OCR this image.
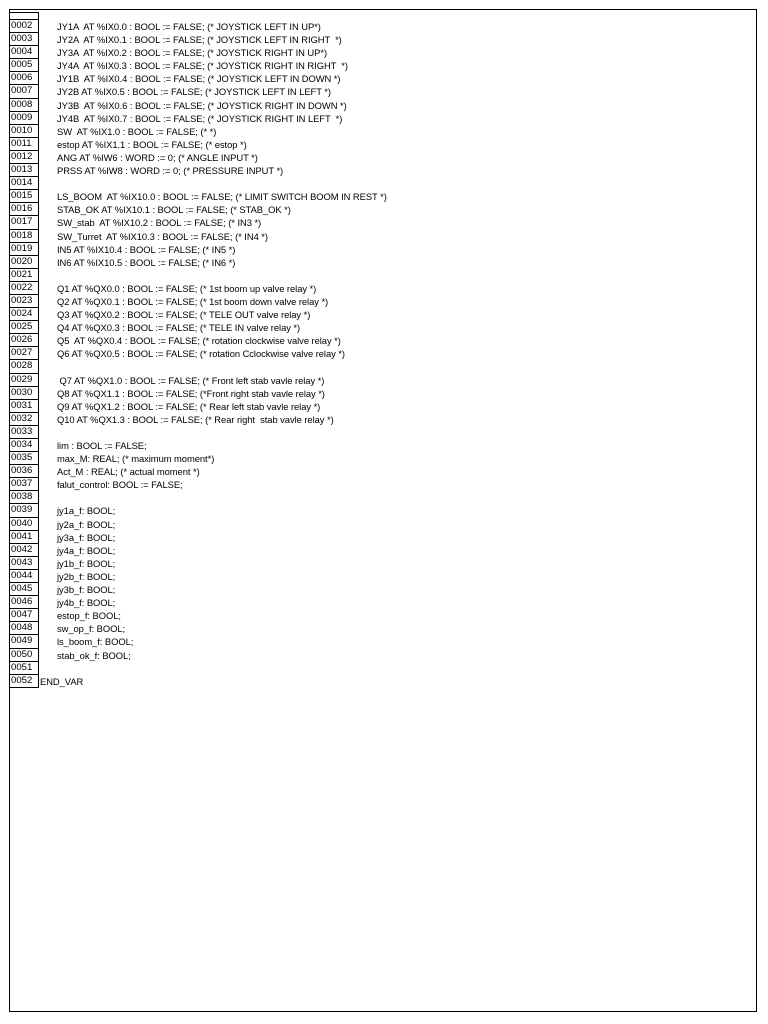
0002	JY1A  AT %IX0.0 : BOOL := FALSE; (* JOYSTICK LEFT IN UP*)
0003	JY2A  AT %IX0.1 : BOOL := FALSE; (* JOYSTICK LEFT IN RIGHT  *)
0004	JY3A  AT %IX0.2 : BOOL := FALSE; (* JOYSTICK RIGHT IN UP*)
0005	JY4A  AT %IX0.3 : BOOL := FALSE; (* JOYSTICK RIGHT IN RIGHT  *)
0006	JY1B  AT %IX0.4 : BOOL := FALSE; (* JOYSTICK LEFT IN DOWN *)
0007	JY2B AT %IX0.5 : BOOL := FALSE; (* JOYSTICK LEFT IN LEFT *)
0008	JY3B  AT %IX0.6 : BOOL := FALSE; (* JOYSTICK RIGHT IN DOWN *)
0009	JY4B  AT %IX0.7 : BOOL := FALSE; (* JOYSTICK RIGHT IN LEFT  *)
0010	SW  AT %IX1.0 : BOOL := FALSE; (* *)
0011	estop AT %IX1.1 : BOOL := FALSE; (* estop *)
0012	ANG AT %IW6 : WORD := 0; (* ANGLE INPUT *)
0013	PRSS AT %IW8 : WORD := 0; (* PRESSURE INPUT *)
0014
0015	LS_BOOM  AT %IX10.0 : BOOL := FALSE; (* LIMIT SWITCH BOOM IN REST *)
0016	STAB_OK AT %IX10.1 : BOOL := FALSE; (* STAB_OK *)
0017	SW_stab  AT %IX10.2 : BOOL := FALSE; (* IN3 *)
0018	SW_Turret  AT %IX10.3 : BOOL := FALSE; (* IN4 *)
0019	IN5 AT %IX10.4 : BOOL := FALSE; (* IN5 *)
0020	IN6 AT %IX10.5 : BOOL := FALSE; (* IN6 *)
0021
0022	Q1 AT %QX0.0 : BOOL := FALSE; (* 1st boom up valve relay *)
0023	Q2 AT %QX0.1 : BOOL := FALSE; (* 1st boom down valve relay *)
0024	Q3 AT %QX0.2 : BOOL := FALSE; (* TELE OUT valve relay *)
0025	Q4 AT %QX0.3 : BOOL := FALSE; (* TELE IN valve relay *)
0026	Q5  AT %QX0.4 : BOOL := FALSE; (* rotation clockwise valve relay *)
0027	Q6 AT %QX0.5 : BOOL := FALSE; (* rotation Cclockwise valve relay *)
0028
0029	Q7 AT %QX1.0 : BOOL := FALSE; (* Front left stab vavle relay *)
0030	Q8 AT %QX1.1 : BOOL := FALSE; (*Front right stab vavle relay *)
0031	Q9 AT %QX1.2 : BOOL := FALSE; (* Rear left stab vavle relay *)
0032	Q10 AT %QX1.3 : BOOL := FALSE; (* Rear right  stab vavle relay *)
0033
0034	lim : BOOL := FALSE;
0035	max_M: REAL; (* maximum moment*)
0036	Act_M : REAL; (* actual moment *)
0037	falut_control: BOOL := FALSE;
0038
0039	jy1a_f: BOOL;
0040	jy2a_f: BOOL;
0041	jy3a_f: BOOL;
0042	jy4a_f: BOOL;
0043	jy1b_f: BOOL;
0044	jy2b_f: BOOL;
0045	jy3b_f: BOOL;
0046	jy4b_f: BOOL;
0047	estop_f: BOOL;
0048	sw_op_f: BOOL;
0049	ls_boom_f: BOOL;
0050	stab_ok_f: BOOL;
0051
0052 END_VAR
